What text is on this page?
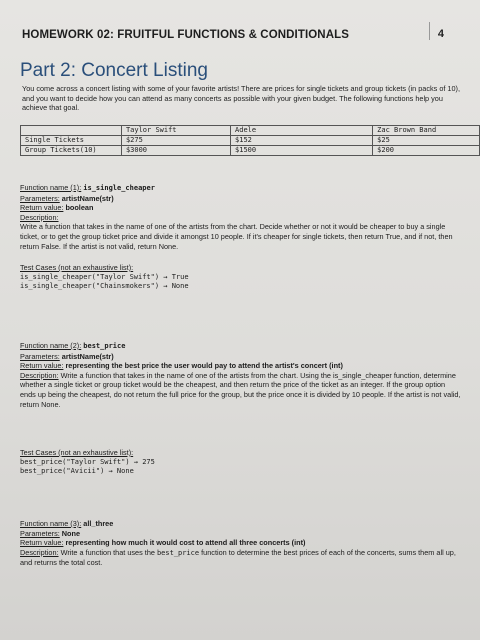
4
HOMEWORK 02: FRUITFUL FUNCTIONS & CONDITIONALS
Part 2: Concert Listing
You come across a concert listing with some of your favorite artists! There are prices for single tickets and group tickets (in packs of 10), and you want to decide how you can attend as many concerts as possible with your given budget. The following functions help you achieve that goal.
	Taylor Swift	Adele	Zac Brown Band
Single Tickets	$275	$152	$25
Group Tickets(10)	$3000	$1500	$200
Function name (1): is_single_cheaper
Parameters: artistName(str)
Return value: boolean
Description:
Write a function that takes in the name of one of the artists from the chart. Decide whether or not it would be cheaper to buy a single ticket, or to get the group ticket price and divide it amongst 10 people. If it's cheaper for single tickets, then return True, and if not, then return False. If the artist is not valid, return None.
Test Cases (not an exhaustive list):
is_single_cheaper("Taylor Swift") → True
is_single_cheaper("Chainsmokers") → None
Function name (2): best_price
Parameters: artistName(str)
Return value: representing the best price the user would pay to attend the artist's concert (int)
Description: Write a function that takes in the name of one of the artists from the chart. Using the is_single_cheaper function, determine whether a single ticket or group ticket would be the cheapest, and then return the price of the ticket as an integer. If the group option ends up being the cheapest, do not return the full price for the group, but the price once it is divided by 10 people. If the artist is not valid, return None.
Test Cases (not an exhaustive list):
best_price("Taylor Swift") → 275
best_price("Avicii") → None
Function name (3): all_three
Parameters: None
Return value: representing how much it would cost to attend all three concerts (int)
Description: Write a function that uses the best_price function to determine the best prices of each of the concerts, sums them all up, and returns the total cost.
